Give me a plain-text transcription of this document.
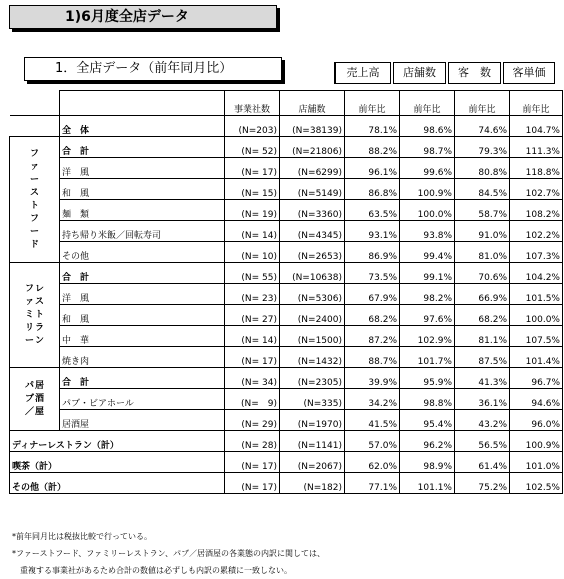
1)6月度全店データ
1．全店データ（前年同月比）	売上高	店舗数	客　数	客単価
		事業社数	店舗数	前年比	前年比	前年比	前年比
	全　体	(N=203)	(N=38139)	78.1%	98.6%	74.6%	104.7%
ファーストフード	合　計	(N= 52)	(N=21806)	88.2%	98.7%	79.3%	111.3%
	洋　風	(N= 17)	(N=6299)	96.1%	99.6%	80.8%	118.8%
	和　風	(N= 15)	(N=5149)	86.8%	100.9%	84.5%	102.7%
	麺　類	(N= 19)	(N=3360)	63.5%	100.0%	58.7%	108.2%
	持ち帰り米飯／回転寿司	(N= 14)	(N=4345)	93.1%	93.8%	91.0%	102.2%
	その他	(N= 10)	(N=2653)	86.9%	99.4%	81.0%	107.3%
ファミリーレストラン	合　計	(N= 55)	(N=10638)	73.5%	99.1%	70.6%	104.2%
	洋　風	(N= 23)	(N=5306)	67.9%	98.2%	66.9%	101.5%
	和　風	(N= 27)	(N=2400)	68.2%	97.6%	68.2%	100.0%
	中　華	(N= 14)	(N=1500)	87.2%	102.9%	81.1%	107.5%
	焼き肉	(N= 17)	(N=1432)	88.7%	101.7%	87.5%	101.4%
パブ／居酒屋	合　計	(N= 34)	(N=2305)	39.9%	95.9%	41.3%	96.7%
	パブ・ビアホール	(N=　9)	(N=335)	34.2%	98.8%	36.1%	94.6%
	居酒屋	(N= 29)	(N=1970)	41.5%	95.4%	43.2%	96.0%
ディナーレストラン（計）		(N= 28)	(N=1141)	57.0%	96.2%	56.5%	100.9%
喫茶（計）		(N= 17)	(N=2067)	62.0%	98.9%	61.4%	101.0%
その他（計）		(N= 17)	(N=182)	77.1%	101.1%	75.2%	102.5%
*前年同月比は税抜比較で行っている。
*ファーストフード、ファミリーレストラン、パブ／居酒屋の各業態の内訳に関しては、
重複する事業社があるため合計の数値は必ずしも内訳の累積に一致しない。
